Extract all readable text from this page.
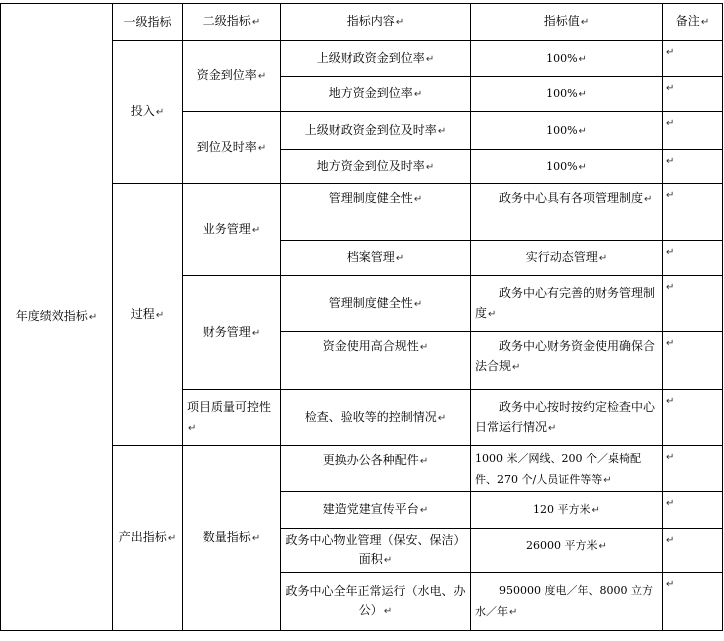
年度绩效指标↵	一级指标	二级指标↵	指标内容↵	指标值↵	备注↵
	投入↵	资金到位率↵	上级财政资金到位率↵	100%↵	↵
			地方资金到位率↵	100%↵	↵
		到位及时率↵	上级财政资金到位及时率↵	100%↵	↵
			地方资金到位及时率↵	100%↵	↵
	过程↵	业务管理↵	管理制度健全性↵	政务中心具有各项管理制度↵	↵
			档案管理↵	实行动态管理↵	↵
		财务管理↵	管理制度健全性↵	政务中心有完善的财务管理制度↵	↵
			资金使用高合规性↵	政务中心财务资金使用确保合法合规↵	↵
		项目质量可控性↵	检查、验收等的控制情况↵	政务中心按时按约定检查中心日常运行情况↵	↵
	产出指标↵	数量指标↵	更换办公各种配件↵	1000 米／网线、200 个／桌椅配件、270 个/人员证件等等↵	↵
			建造党建宣传平台↵	120 平方米↵	↵
			政务中心物业管理（保安、保洁）面积↵	26000 平方米↵	↵
			政务中心全年正常运行（水电、办公）↵	950000 度电／年、8000 立方水／年↵	↵
